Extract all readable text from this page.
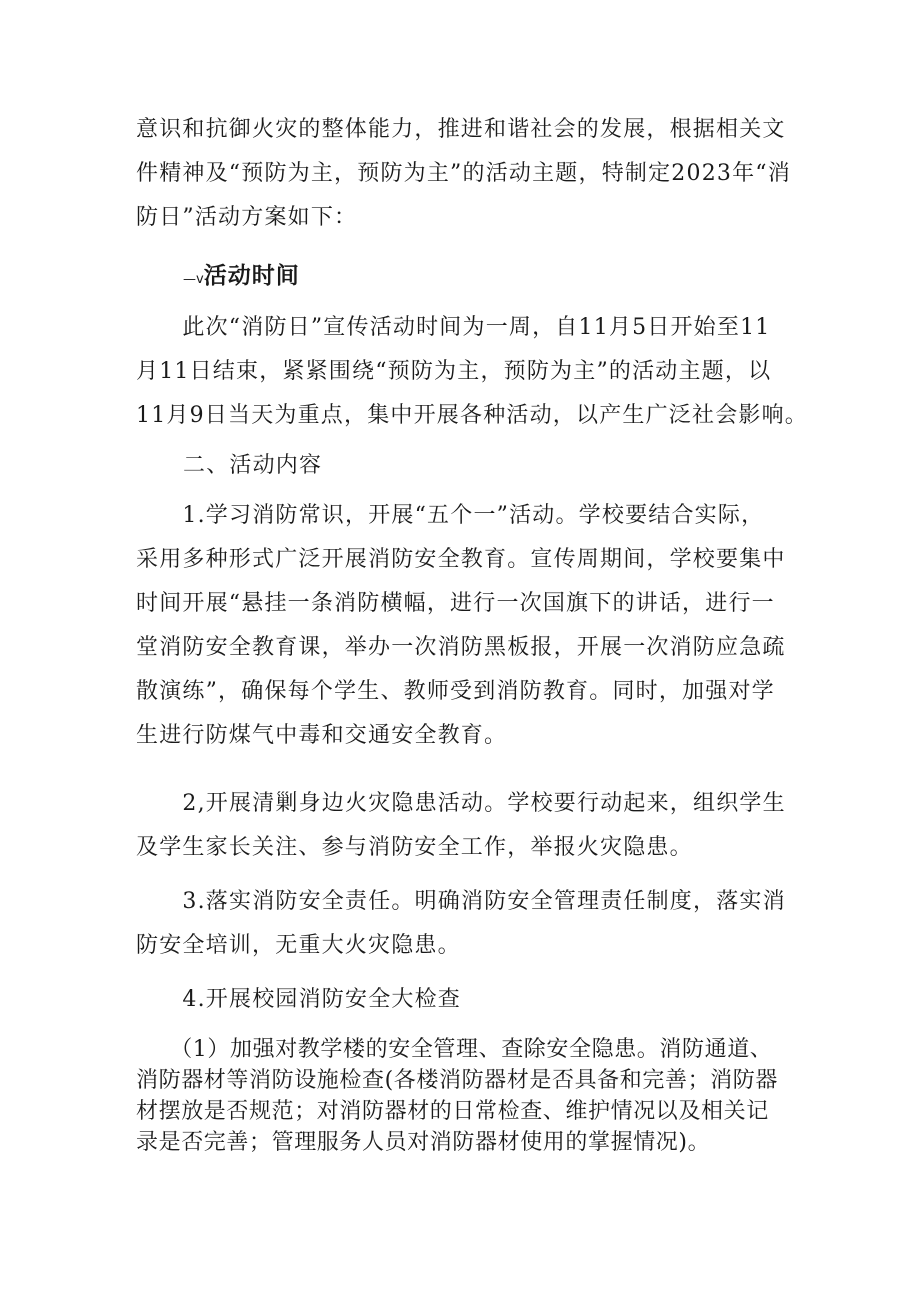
意识和抗御火灾的整体能力，推进和谐社会的发展，根据相关文
件精神及“预防为主，预防为主”的活动主题，特制定2023年“消
防日”活动方案如下：

—v活动时间

　　此次“消防日”宣传活动时间为一周，自11月5日开始至11
月11日结束，紧紧围绕“预防为主，预防为主”的活动主题，以
11月9日当天为重点，集中开展各种活动，以产生广泛社会影响。

二、活动内容

　　1.学习消防常识，开展“五个一”活动。学校要结合实际，
采用多种形式广泛开展消防安全教育。宣传周期间，学校要集中
时间开展“悬挂一条消防横幅，进行一次国旗下的讲话，进行一
堂消防安全教育课，举办一次消防黑板报，开展一次消防应急疏
散演练”，确保每个学生、教师受到消防教育。同时，加强对学
生进行防煤气中毒和交通安全教育。

　　2,开展清剿身边火灾隐患活动。学校要行动起来，组织学生
及学生家长关注、参与消防安全工作，举报火灾隐患。

　　3.落实消防安全责任。明确消防安全管理责任制度，落实消
防安全培训，无重大火灾隐患。

　　4.开展校园消防安全大检查

　　（1）加强对教学楼的安全管理、查除安全隐患。消防通道、
消防器材等消防设施检查(各楼消防器材是否具备和完善；消防器
材摆放是否规范；对消防器材的日常检查、维护情况以及相关记
录是否完善；管理服务人员对消防器材使用的掌握情况)。
